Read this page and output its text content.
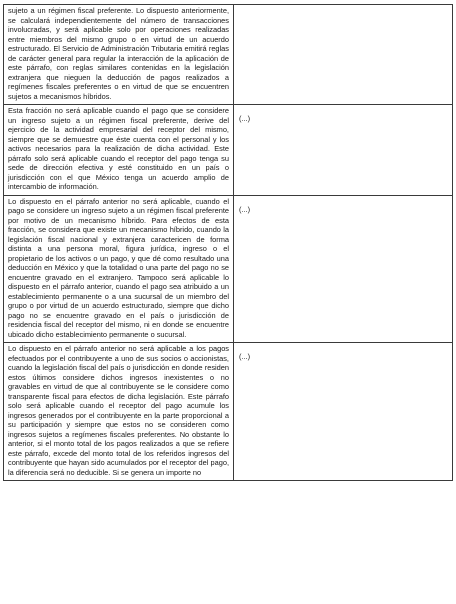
sujeto a un régimen fiscal preferente. Lo dispuesto anteriormente, se calculará independientemente del número de transacciones involucradas, y será aplicable solo por operaciones realizadas entre miembros del mismo grupo o en virtud de un acuerdo estructurado. El Servicio de Administración Tributaria emitirá reglas de carácter general para regular la interacción de la aplicación de este párrafo, con reglas similares contenidas en la legislación extranjera que nieguen la deducción de pagos realizados a regímenes fiscales preferentes o en virtud de que se encuentren sujetos a mecanismos híbridos.	

Esta fracción no será aplicable cuando el pago que se considere un ingreso sujeto a un régimen fiscal preferente, derive del ejercicio de la actividad empresarial del receptor del mismo, siempre que se demuestre que éste cuenta con el personal y los activos necesarios para la realización de dicha actividad. Este párrafo solo será aplicable cuando el receptor del pago tenga su sede de dirección efectiva y esté constituido en un país o jurisdicción con el que México tenga un acuerdo amplio de intercambio de información.	(...)

Lo dispuesto en el párrafo anterior no será aplicable, cuando el pago se considere un ingreso sujeto a un régimen fiscal preferente por motivo de un mecanismo híbrido. Para efectos de esta fracción, se considera que existe un mecanismo híbrido, cuando la legislación fiscal nacional y extranjera caractericen de forma distinta a una persona moral, figura jurídica, ingreso o el propietario de los activos o un pago, y que dé como resultado una deducción en México y que la totalidad o una parte del pago no se encuentre gravado en el extranjero. Tampoco será aplicable lo dispuesto en el párrafo anterior, cuando el pago sea atribuido a un establecimiento permanente o a una sucursal de un miembro del grupo o por virtud de un acuerdo estructurado, siempre que dicho pago no se encuentre gravado en el país o jurisdicción de residencia fiscal del receptor del mismo, ni en donde se encuentre ubicado dicho establecimiento permanente o sucursal.	(...)

Lo dispuesto en el párrafo anterior no será aplicable a los pagos efectuados por el contribuyente a uno de sus socios o accionistas, cuando la legislación fiscal del país o jurisdicción en donde residen estos últimos considere dichos ingresos inexistentes o no gravables en virtud de que al contribuyente se le considere como transparente fiscal para efectos de dicha legislación. Este párrafo solo será aplicable cuando el receptor del pago acumule los ingresos generados por el contribuyente en la parte proporcional a su participación y siempre que estos no se consideren como ingresos sujetos a regímenes fiscales preferentes. No obstante lo anterior, si el monto total de los pagos realizados a que se refiere este párrafo, excede del monto total de los referidos ingresos del contribuyente que hayan sido acumulados por el receptor del pago, la diferencia será no deducible. Si se genera un importe no	(...)
